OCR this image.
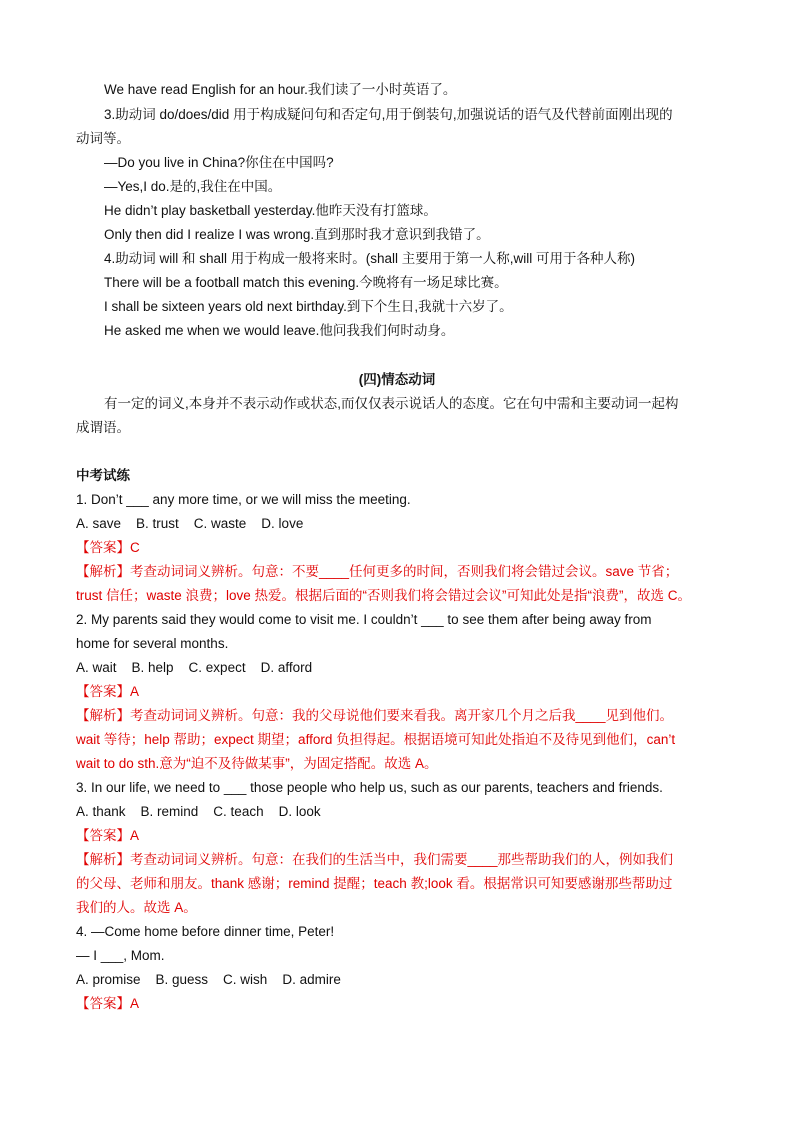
We have read English for an hour.我们读了一小时英语了。
3.助动词 do/does/did 用于构成疑问句和否定句,用于倒装句,加强说话的语气及代替前面刚出现的
动词等。
—Do you live in China?你住在中国吗?
—Yes,I do.是的,我住在中国。
He didn’t play basketball yesterday.他昨天没有打篮球。
Only then did I realize I was wrong.直到那时我才意识到我错了。
4.助动词 will 和 shall 用于构成一般将来时。(shall 主要用于第一人称,will 可用于各种人称)
There will be a football match this evening.今晚将有一场足球比赛。
I shall be sixteen years old next birthday.到下个生日,我就十六岁了。
He asked me when we would leave.他问我我们何时动身。
(四)情态动词
有一定的词义,本身并不表示动作或状态,而仅仅表示说话人的态度。它在句中需和主要动词一起构
成谓语。
中考试练
1. Don’t ___ any more time, or we will miss the meeting.
A. save    B. trust    C. waste    D. love
【答案】C
【解析】考查动词词义辨析。句意：不要____任何更多的时间，否则我们将会错过会议。save 节省；
trust 信任；waste 浪费；love 热爱。根据后面的“否则我们将会错过会议”可知此处是指“浪费”，故选 C。
2. My parents said they would come to visit me. I couldn’t ___ to see them after being away from
home for several months.
A. wait    B. help    C. expect    D. afford
【答案】A
【解析】考查动词词义辨析。句意：我的父母说他们要来看我。离开家几个月之后我____见到他们。
wait 等待；help 帮助；expect 期望；afford 负担得起。根据语境可知此处指迫不及待见到他们，can’t
wait to do sth.意为“迫不及待做某事”，为固定搭配。故选 A。
3. In our life, we need to ___ those people who help us, such as our parents, teachers and friends.
A. thank    B. remind    C. teach    D. look
【答案】A
【解析】考查动词词义辨析。句意：在我们的生活当中，我们需要____那些帮助我们的人，例如我们
的父母、老师和朋友。thank 感谢；remind 提醒；teach 教;look 看。根据常识可知要感谢那些帮助过
我们的人。故选 A。
4. —Come home before dinner time, Peter!
— I ___, Mom.
A. promise    B. guess    C. wish    D. admire
【答案】A
